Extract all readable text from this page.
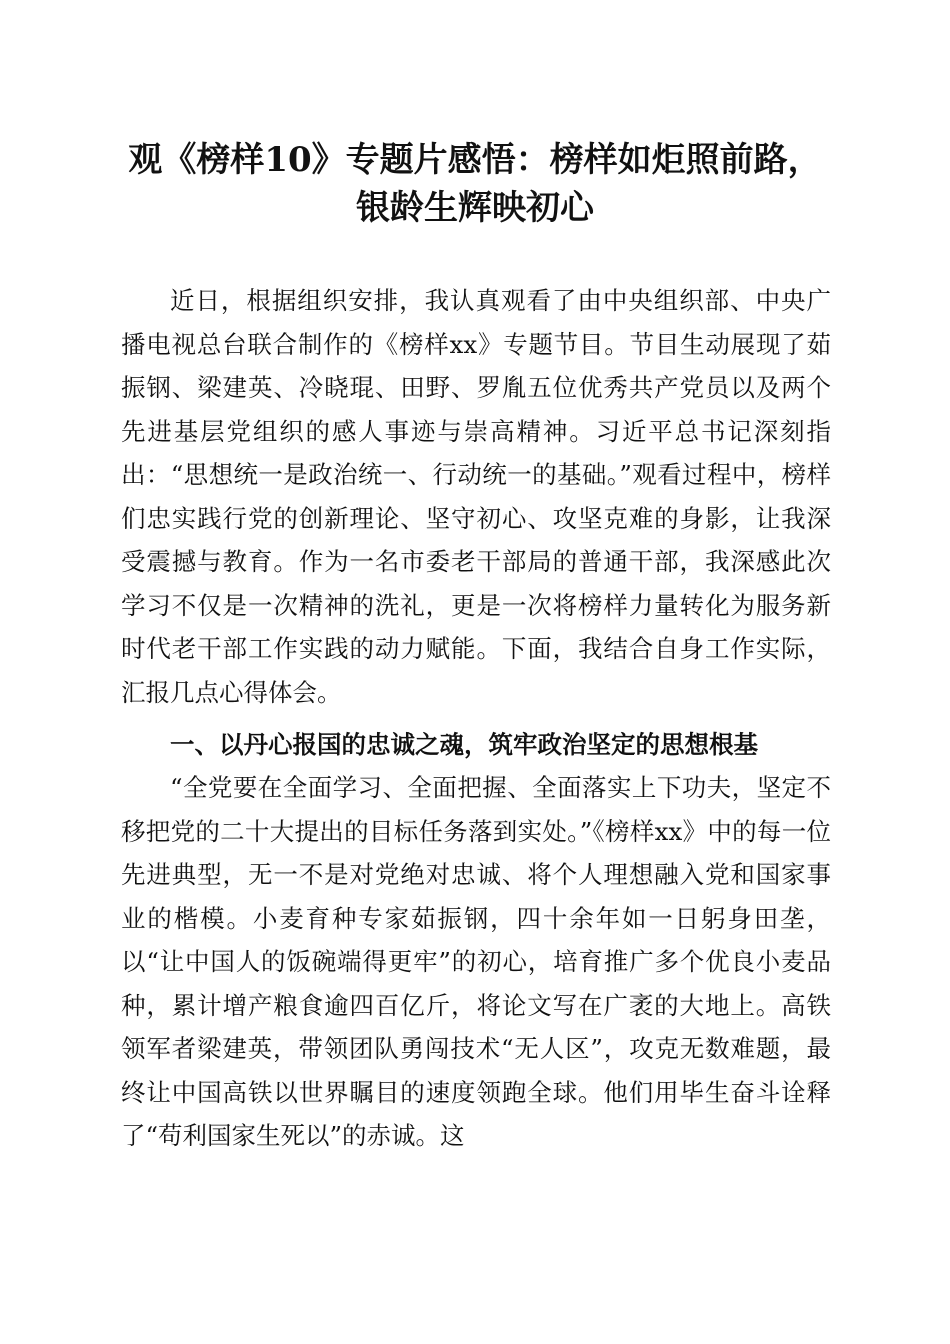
观《榜样10》专题片感悟：榜样如炬照前路，
银龄生辉映初心
近日，根据组织安排，我认真观看了由中央组织部、中央广播电视总台联合制作的《榜样xx》专题节目。节目生动展现了茹振钢、梁建英、冷晓琨、田野、罗胤五位优秀共产党员以及两个先进基层党组织的感人事迹与崇高精神。习近平总书记深刻指出：“思想统一是政治统一、行动统一的基础。”观看过程中，榜样们忠实践行党的创新理论、坚守初心、攻坚克难的身影，让我深受震撼与教育。作为一名市委老干部局的普通干部，我深感此次学习不仅是一次精神的洗礼，更是一次将榜样力量转化为服务新时代老干部工作实践的动力赋能。下面，我结合自身工作实际，汇报几点心得体会。
一、以丹心报国的忠诚之魂，筑牢政治坚定的思想根基
“全党要在全面学习、全面把握、全面落实上下功夫，坚定不移把党的二十大提出的目标任务落到实处。”《榜样xx》中的每一位先进典型，无一不是对党绝对忠诚、将个人理想融入党和国家事业的楷模。小麦育种专家茹振钢，四十余年如一日躬身田垄，以“让中国人的饭碗端得更牢”的初心，培育推广多个优良小麦品种，累计增产粮食逾四百亿斤，将论文写在广袤的大地上。高铁领军者梁建英，带领团队勇闯技术“无人区”，攻克无数难题，最终让中国高铁以世界瞩目的速度领跑全球。他们用毕生奋斗诠释了“苟利国家生死以”的赤诚。这
